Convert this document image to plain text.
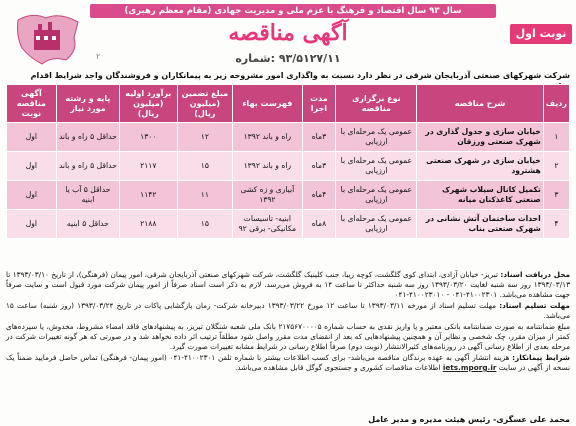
سال ۹۳ سال اقتصاد و فرهنگ با عزم ملی و مدیریت جهادی (مقام معظم رهبری)
نوبت اول
آگهی مناقصه
۲	شماره: ۹۳/۵۱۲۷/۱۱
شرکت شهرکهای صنعتی آذربایجان شرقی در نظر دارد نسبت به واگذاری امور مشروحه زیر به پیمانکاران و فروشندگان واجد شرایط اقدام
ردیف	شرح مناقصه	نوع برگزاری مناقصه	مدت اجرا	فهرست بهاء	مبلغ تضمین (میلیون ریال)	برآورد اولیه (میلیون ریال)	پایه و رشته مورد نیاز	آگهی مناقصه نوبت
۱	خیابان سازی و جدول گذاری در شهرک صنعتی ورزقان	عمومی یک مرحله‌ای با ارزیابی	۳ماه	راه و باند ۱۳۹۲	۱۲	۱۳۰۰	حداقل ۵ راه و باند	اول
۲	خیابان سازی در شهرک صنعتی هشترود	عمومی یک مرحله‌ای با ارزیابی	۳ماه	راه و باند ۱۳۹۲	۱۵	۲۱۱۷	حداقل ۵ راه و باند	اول
۳	تکمیل کانال سیلاب شهرک صنعتی کاغذکنان میانه	عمومی یک مرحله‌ای با ارزیابی	۴ماه	آبیاری و زه کشی ۱۳۹۲	۱۱	۱۱۴۲	حداقل ۵ آب یا ابنیه	اول
۴	احداث ساختمان آتش نشانی در شهرک صنعتی بناب	عمومی یک مرحله‌ای با ارزیابی	۸ماه	ابنیه- تاسیسات مکانیکی- برقی ۹۲	۱۵	۲۱۸۸	حداقل ۵ ابنیه	اول

محل دریافت اسناد: تبریز- خیابان آزادی، ابتدای کوی گلگشت، کوچه زیبا، جنب کلینیک گلگشت، شرکت شهرکهای صنعتی آذربایجان شرقی، امور پیمان (فرهنگی)، از تاریخ ۱۳۹۳/۰۳/۱۰ تا ۱۳۹۳/۰۳/۱۳ روز سه شنبه لغایت ۱۳۹۳/۰۳/۲۰ روز سه شنبه حداکثر تا ساعت ۱۴ به فروش می‌رسد. لازم به ذکر است اسناد صرفاً از امور پیمان شرکت مورد قبول است و سایت صرفاً جهت مشاهده می‌باشد. ۴۱۰۰۲۳۰۱-۰۴۱ - ۴۱۰۰۲۳۰۱۰-۰۴۱

مهلت تسلیم اسناد: مهلت تسلیم اسناد از مورخه ۱۳۹۳/۰۳/۱۱ تا ساعت ۱۲ مورخ ۱۳۹۳/۰۳/۲۲ دبیرخانه شرکت- زمان بازگشایی پاکات در تاریخ ۱۳۹۳/۰۳/۲۴ (روز شنبه) ساعت ۱۵ می‌باشد.

مبلغ ضمانتنامه به صورت ضمانتنامه بانکی معتبر و یا واریز نقدی به حساب شماره ۲۱۷۵۶۷۰۰۰۰۵ بانک ملی شعبه شنگلان تبریز، به پیشنهادهای فاقد امضاء مشروط، مخدوش، یا سپرده‌های کمتر از میزان مقرر، چک شخصی و نظایر آن و همچنین پیشنهادهایی که بعد از انقضای مدت مقرر واصل شود مطلقاً ترتیب اثر داده نخواهد شد و در صورتی که هر گونه تغییرات شرکت در مرحله بعدی از اطلاع رسانی آگهی در روزنامه‌های کثیرالانتشار (نوبت دوم) صرفاً اطلاع رسانی در شرایط مشابه تغییرات صورت گیرد.

شرایط پیمانکار: هزینه انتشار آگهی به عهده برندگان مناقصه می‌باشد- برای کسب اطلاعات بیشتر با شماره تلفن ۴۱۰۰۲۳۰۱-۰۴۱ (امور پیمان- فرهنگی) تماس حاصل فرمایید ضمناً یک نسخه از آگهی در سایت iets.mporg.ir اطلاعات مناقصات کشوری و جستجوی گوگل قابل مشاهده می‌باشد.

محمد علی عسگری- رئیس هیئت مدیره و مدیر عامل
